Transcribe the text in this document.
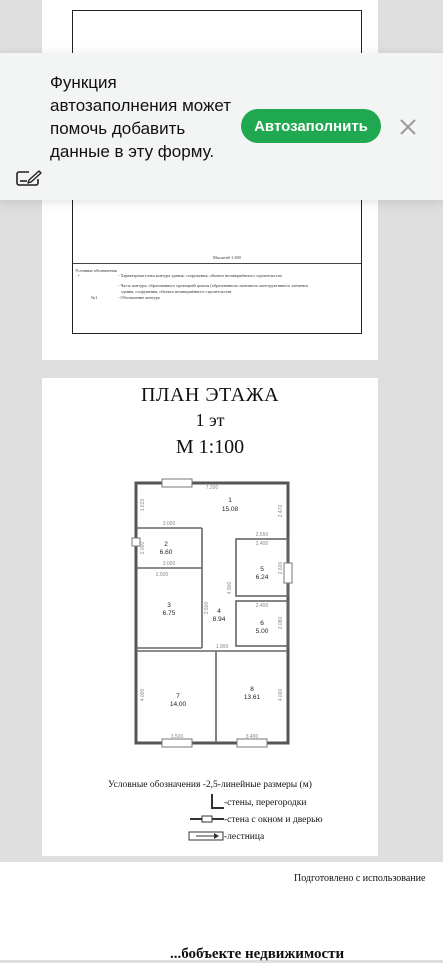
Масштаб 1:300
Условные обозначения
•	- Характерная точка контура здания, сооружения, объекта незавершённого строительства
- Часть контура, образованного проекцией цоколя (образованного наземного конструктивного элемента
здания, сооружения, объекта незавершённого строительства
№1	- Обозначение контура
ПЛАН ЭТАЖА
1 эт
М 1:100
1
15.08
2
6.60
3
6.75	4
8.94
5
6.24
6
5.00
7
14.00
8
13.61
7.200
1.620	2.470
3.000
2.550
2.400
2.000
3.000	2.600
2.500
4.900
3.500	2.400
2.080
1.900
4.000	4.000
3.500	3.400
Условные обозначения -2,5-линейные размеры (м)
-стены, перегородки
-стена с окном и дверью
-лестница
Подготовлено с использование
...бобъекте недвижимости
Функция автозаполнения может помочь добавить данные в эту форму.
Автозаполнить
